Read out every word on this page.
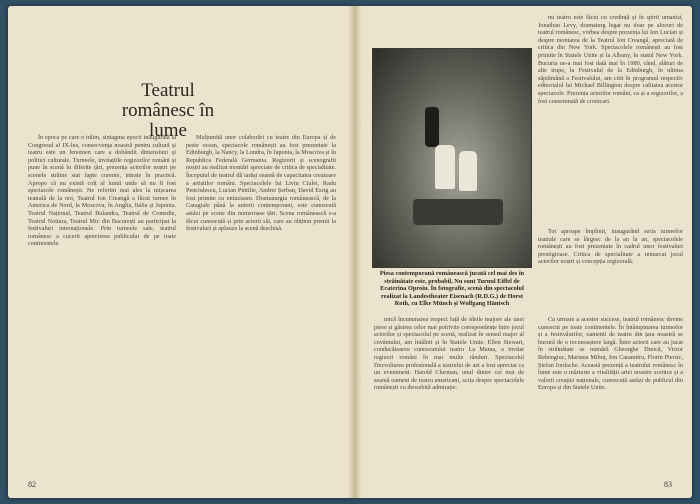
Teatrul românesc în lume

În epoca pe care o trăim, sintagma epocii inaugurată la Congresul al IX-lea, consecvența noastră pentru cultură și teatru este un fenomen care a dobândit dimensiuni și politici culturale. Turneele, invitațiile regizorilor români și pune în scenă în diferite țări, prezența actorilor noștri pe scenele străine stat fapte curente, intrate în practică. Apropo că nu există colț al lumii unde să nu fi fost spectacole românești. Ne referim mai ales la mișcarea teatrală de la noi, Teatrul Ion Creangă a făcut turnee în America de Nord, la Moscova, în Anglia, Italia și Japonia. Teatrul Național, Teatrul Bulandra, Teatrul de Comedie, Teatrul Nottara, Teatrul Mic din București au participat la festivaluri internaționale. Prin turneele sale, teatrul românesc a cucerit aprecierea publicului de pe toate continentele.

Mulțumită unor colaborări cu teatre din Europa și de peste ocean, spectacole românești au fost prezentate la Edinburgh, la Nancy, la Londra, în Japonia, la Moscova și în Republica Federală Germania. Regizorii și scenografii noștri au realizat montări apreciate de critica de specialitate. Începutul de teatrul dă iarăși seamă de capacitatea creatoare a artiștilor români. Spectacolele lui Liviu Ciulei, Radu Penciulescu, Lucian Pintilie, Andrei Șerban, David Esrig au fost primite cu entuziasm. Dramaturgia românească, de la Caragiale până la autorii contemporani, este cunoscută astăzi pe scene din numeroase țări. Scena românească s-a făcut cunoscută și prin actorii săi, care au obținut premii la festivaluri și aplauze la scenă deschisă.

82
Piesa contemporană românească jucată cel mai des în străinătate este, probabil, Nu sunt Turnul Eiffel de Ecaterina Oproiu. În fotografie, scenă din spectacolul realizat la Landestheater Eisenach (R.D.G.) de Horst Roth, cu Elke Münch și Wolfgang Häntsch

nu teatru este făcut cu credință și în spirit umanist, Jonathan Levy, dramaturg legat nu doar pe alocuri de teatrul românesc, vorbea despre prezența lui Ion Lucian și despre montarea de la Teatrul Ion Creangă, apreciată de critica din New York. Spectacolele românești au fost primite în Statele Unite și la Albany, în statul New York. Bucuria ne-a mai fost dată mai în 1980, când, alături de alte trupe, la Festivalul de la Edinburgh, în ultima săptămână a Festivalului, am citit în programul respectiv editorialul lui Michael Billington despre calitatea acestor spectacole. Prezența actorilor români, ca și a regizorilor, a fost consemnată de cronicari.

Tot aproape împlinit, inaugurând seria turneelor teatrale care se lărgesc de la an la an, spectacolele românești au fost prezentate în cadrul unor festivaluri prestigioase. Critica de specialitate a remarcat jocul actorilor noștri și concepția regizorală.

mică încununarea respect față de ideile majore ale unei piese și găsirea celor mai potrivite corespondențe între jocul actorilor și spectacolul pe scenă, realizat în sensul major al cuvântului, am întâlnit și în Statele Unite. Ellen Stewart, conducătoarea cunoscutului teatru La Mama, a invitat regizori români în mai multe rânduri. Spectacolul Dezvoltarea profesională a teatrului de azi a fost apreciat ca un eveniment. Harold Clurman, unul dintre cei mai de seamă oameni de teatru americani, scria despre spectacolele românești cu deosebită admirație.

Ca urmare a acestor succese, teatrul românesc devine cunoscut pe toate continentele. În întâmpinarea turneelor și a festivalurilor, oamenii de teatru din țara noastră se bucură de o recunoaștere largă. Între actorii care au jucat în străinătate se numără Gheorghe Dinică, Victor Rebengiuc, Mariana Mihuț, Ion Caramitru, Florin Piersic, Ștefan Iordache. Această prezență a teatrului românesc în lume este o mărturie a vitalității artei noastre scenice și a valorii creației naționale, cunoscută astăzi de publicul din Europa și din Statele Unite.

83
